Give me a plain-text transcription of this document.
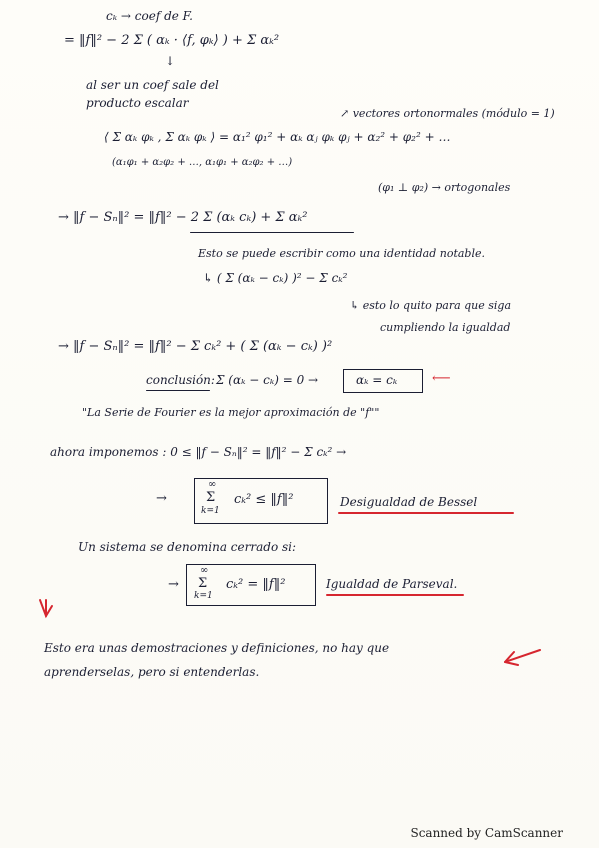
cₖ → coef de F.
= ‖f‖² − 2 Σ ( αₖ · ⟨f, φₖ⟩ ) + Σ αₖ²
↓
al ser un coef sale del
producto escalar
↗ vectores ortonormales (módulo = 1)
⟨ Σ αₖ φₖ , Σ αₖ φₖ ⟩ = α₁² φ₁² + αₖ αⱼ φₖ φⱼ + α₂² + φ₂² + …
(α₁φ₁ + α₂φ₂ + …, α₁φ₁ + α₂φ₂ + …)
(φ₁ ⊥ φ₂) → ortogonales
→ ‖f − Sₙ‖² = ‖f‖² − 2 Σ (αₖ cₖ) + Σ αₖ²
Esto se puede escribir como una identidad notable.
↳ ( Σ (αₖ − cₖ) )² − Σ cₖ²
↳ esto lo quito para que siga
cumpliendo la igualdad
→ ‖f − Sₙ‖² = ‖f‖² − Σ cₖ² + ( Σ (αₖ − cₖ) )²
conclusión: Σ (αₖ − cₖ) = 0 →	αₖ = cₖ	⟵
"La Serie de Fourier es la mejor aproximación de "f""
ahora imponemos : 0 ≤ ‖f − Sₙ‖² = ‖f‖² − Σ cₖ² →
→
∞
Σ
k=1
cₖ² ≤ ‖f‖²	Desigualdad de Bessel
Un sistema se denomina cerrado si:
→
∞
Σ
k=1
cₖ² = ‖f‖²	Igualdad de Parseval.
Esto era unas demostraciones y definiciones, no hay que
aprenderselas, pero si entenderlas.
Scanned by CamScanner
